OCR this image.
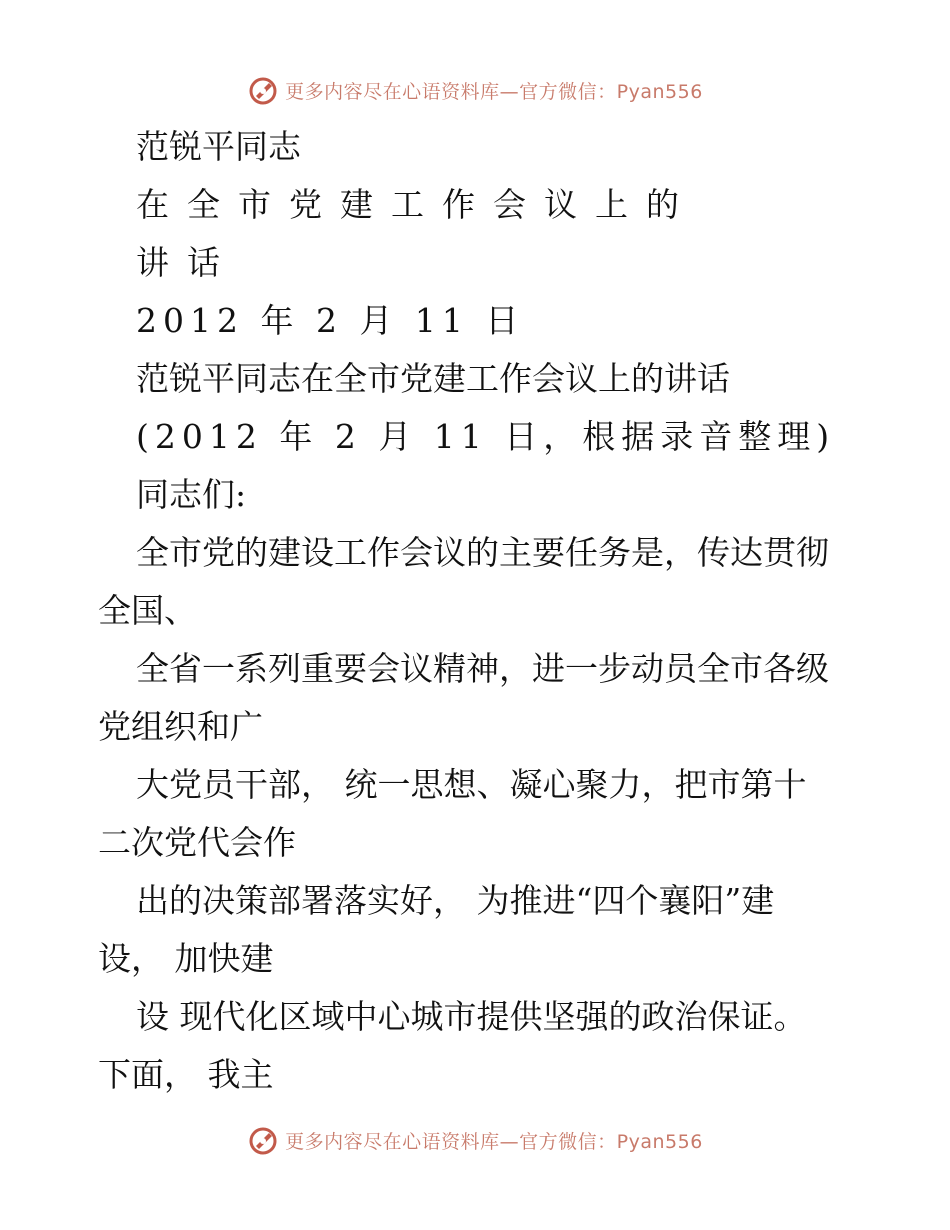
更多内容尽在心语资料库—官方微信：Pyan556
范锐平同志
在全市党建工作会议上的
讲话
2012 年 2 月 11 日
范锐平同志在全市党建工作会议上的讲话
(2012 年 2 月 11 日，根据录音整理)
同志们:
全市党的建设工作会议的主要任务是，传达贯彻
全国、
全省一系列重要会议精神，进一步动员全市各级
党组织和广
大党员干部， 统一思想、凝心聚力，把市第十
二次党代会作
出的决策部署落实好， 为推进“四个襄阳”建
设， 加快建
设 现代化区域中心城市提供坚强的政治保证。
下面， 我主
更多内容尽在心语资料库—官方微信：Pyan556
